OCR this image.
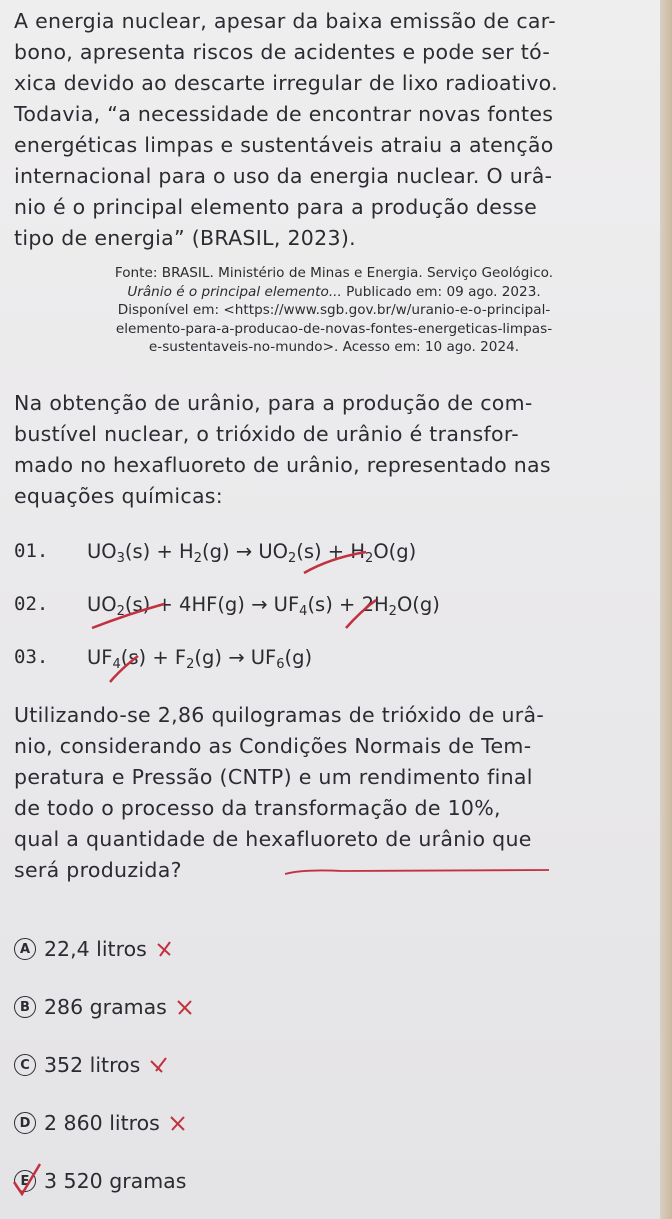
A energia nuclear, apesar da baixa emissão de car-
bono, apresenta riscos de acidentes e pode ser tó-
xica devido ao descarte irregular de lixo radioativo.
Todavia, “a necessidade de encontrar novas fontes
energéticas limpas e sustentáveis atraiu a atenção
internacional para o uso da energia nuclear. O urâ-
nio é o principal elemento para a produção desse
tipo de energia” (BRASIL, 2023).
Fonte: BRASIL. Ministério de Minas e Energia. Serviço Geológico.
Urânio é o principal elemento... Publicado em: 09 ago. 2023.
Disponível em: <https://www.sgb.gov.br/w/uranio-e-o-principal-
elemento-para-a-producao-de-novas-fontes-energeticas-limpas-
e-sustentaveis-no-mundo>. Acesso em: 10 ago. 2024.
Na obtenção de urânio, para a produção de com-
bustível nuclear, o trióxido de urânio é transfor-
mado no hexafluoreto de urânio, representado nas
equações químicas:
01. $UO_3(s) + H_2(g) \to UO_2(s) + H_2O(g)$
02. $UO_2(s) + 4HF(g) \to UF_4(s) + 2H_2O(g)$
03. $UF_4(s) + F_2(g) \to UF_6(g)$
Utilizando-se 2,86 quilogramas de trióxido de urâ-
nio, considerando as Condições Normais de Tem-
peratura e Pressão (CNTP) e um rendimento final
de todo o processo da transformação de 10%,
qual a quantidade de hexafluoreto de urânio que
será produzida?
A 22,4 litros
B 286 gramas
C 352 litros
D 2 860 litros
E 3 520 gramas
